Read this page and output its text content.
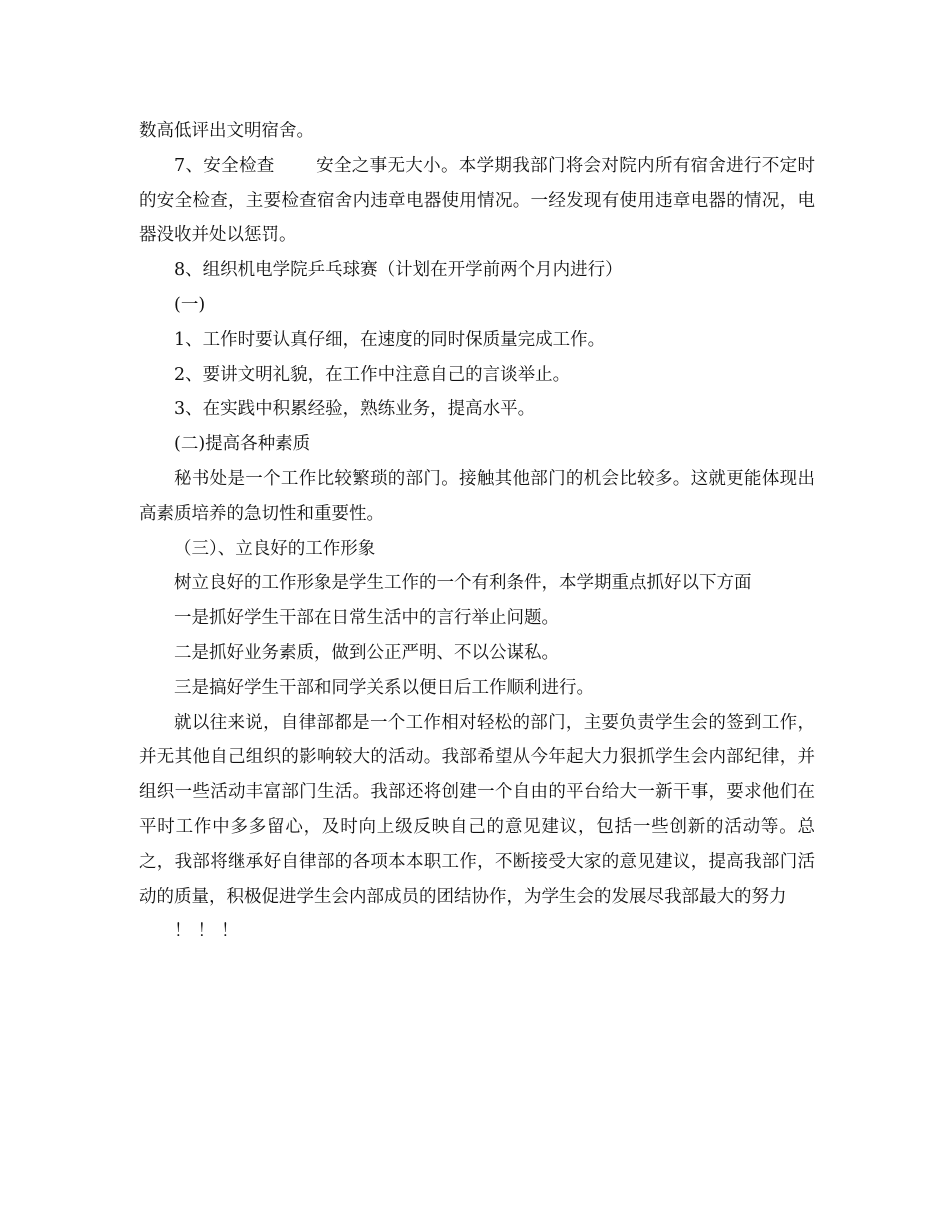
数高低评出文明宿舍。

7、安全检查　　 安全之事无大小。本学期我部门将会对院内所有宿舍进行不定时的安全检查，主要检查宿舍内违章电器使用情况。一经发现有使用违章电器的情况，电器没收并处以惩罚。

8、组织机电学院乒乓球赛（计划在开学前两个月内进行）

(一)

1、工作时要认真仔细，在速度的同时保质量完成工作。

2、要讲文明礼貌，在工作中注意自己的言谈举止。

3、在实践中积累经验，熟练业务，提高水平。

(二)提高各种素质

秘书处是一个工作比较繁琐的部门。接触其他部门的机会比较多。这就更能体现出高素质培养的急切性和重要性。

（三）、立良好的工作形象

树立良好的工作形象是学生工作的一个有利条件，本学期重点抓好以下方面

一是抓好学生干部在日常生活中的言行举止问题。

二是抓好业务素质，做到公正严明、不以公谋私。

三是搞好学生干部和同学关系以便日后工作顺利进行。

就以往来说，自律部都是一个工作相对轻松的部门，主要负责学生会的签到工作，并无其他自己组织的影响较大的活动。我部希望从今年起大力狠抓学生会内部纪律，并组织一些活动丰富部门生活。我部还将创建一个自由的平台给大一新干事，要求他们在平时工作中多多留心，及时向上级反映自己的意见建议，包括一些创新的活动等。总之，我部将继承好自律部的各项本本职工作，不断接受大家的意见建议，提高我部门活动的质量，积极促进学生会内部成员的团结协作，为学生会的发展尽我部最大的努力

！！！
